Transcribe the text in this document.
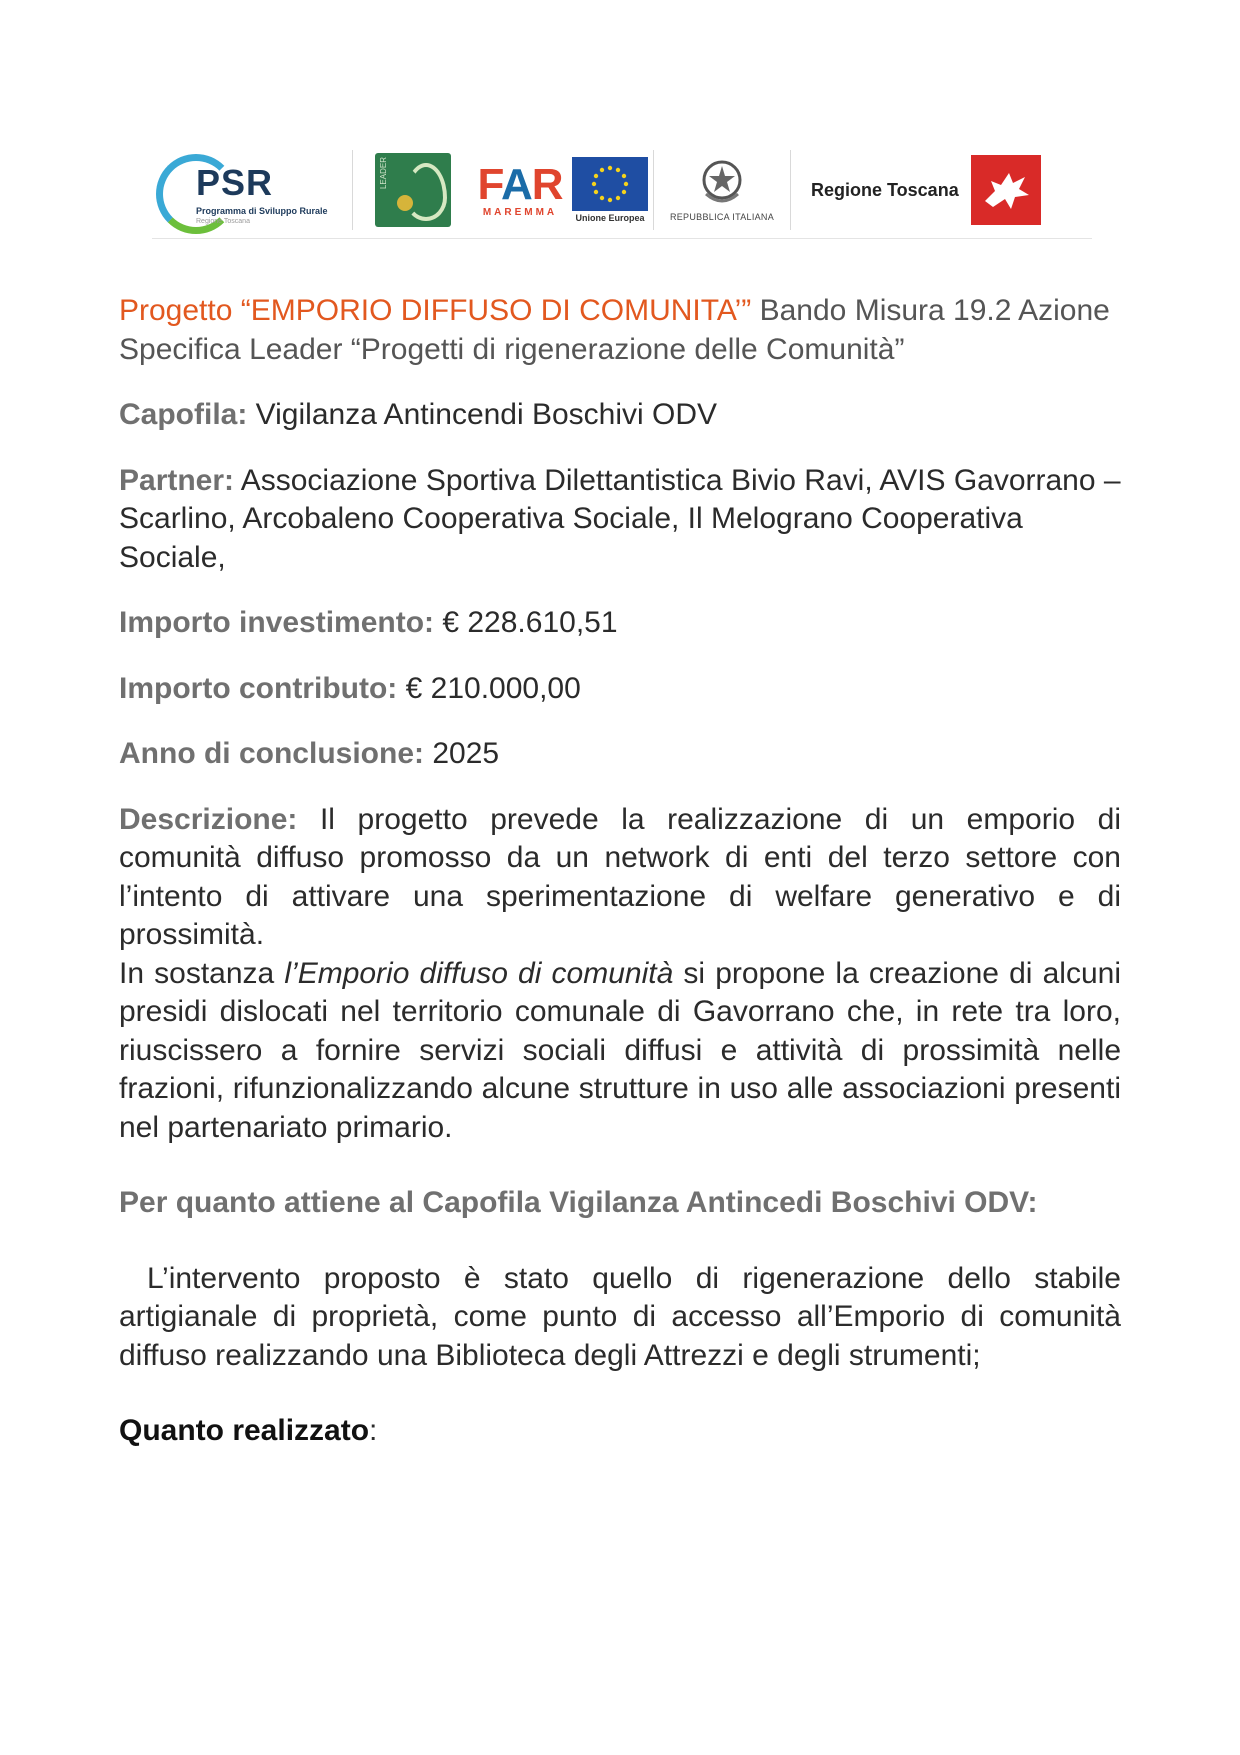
PSR
Programma di Sviluppo Rurale
Regione Toscana
LEADER FAR
MAREMMA
Unione Europea	REPUBBLICA ITALIANA
Regione Toscana

Progetto “EMPORIO DIFFUSO DI COMUNITA’” Bando Misura 19.2 Azione Specifica Leader “Progetti di rigenerazione delle Comunità”

Capofila: Vigilanza Antincendi Boschivi ODV

Partner: Associazione Sportiva Dilettantistica Bivio Ravi, AVIS Gavorrano – Scarlino, Arcobaleno Cooperativa Sociale, Il Melograno Cooperativa Sociale,

Importo investimento: € 228.610,51

Importo contributo: € 210.000,00

Anno di conclusione: 2025

Descrizione: Il progetto prevede la realizzazione di un emporio di comunità diffuso promosso da un network di enti del terzo settore con l’intento di attivare una sperimentazione di welfare generativo e di prossimità.

In sostanza l’Emporio diffuso di comunità si propone la creazione di alcuni presidi dislocati nel territorio comunale di Gavorrano che, in rete tra loro, riuscissero a fornire servizi sociali diffusi e attività di prossimità nelle frazioni, rifunzionalizzando alcune strutture in uso alle associazioni presenti nel partenariato primario.

Per quanto attiene al Capofila Vigilanza Antincedi Boschivi ODV:

L’intervento proposto è stato quello di rigenerazione dello stabile artigianale di proprietà, come punto di accesso all’Emporio di comunità diffuso realizzando una Biblioteca degli Attrezzi e degli strumenti;

Quanto realizzato:
